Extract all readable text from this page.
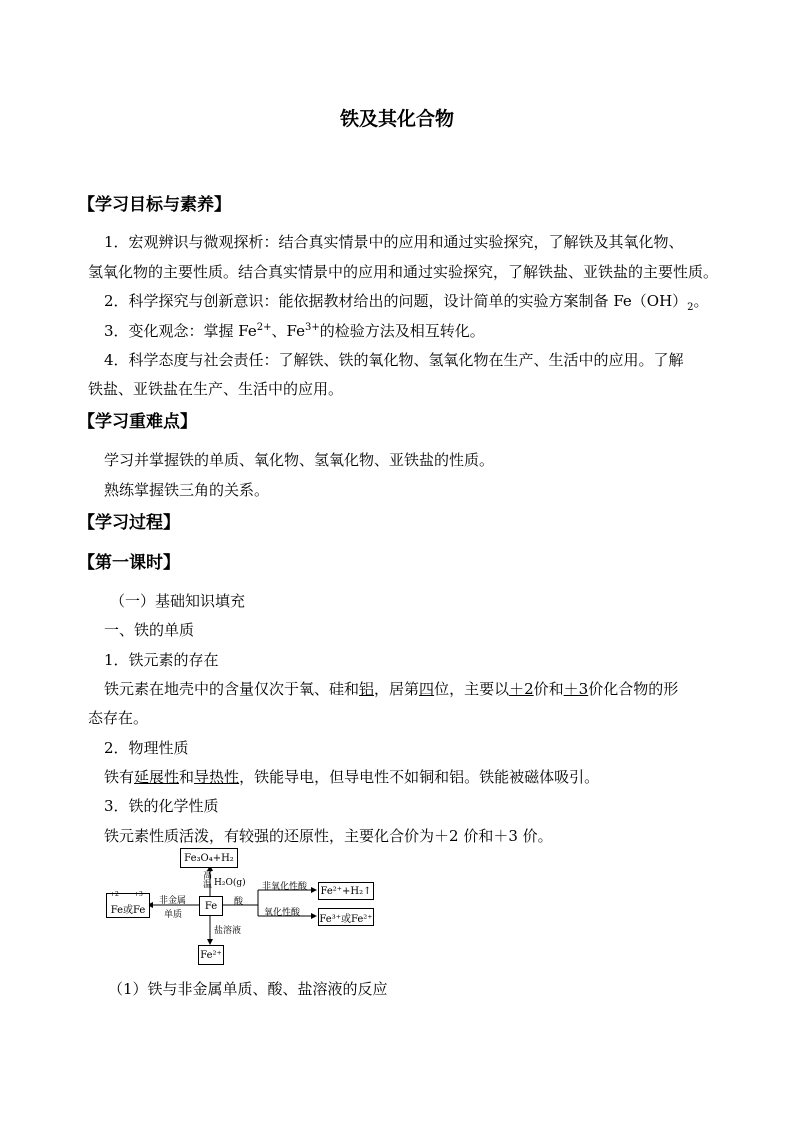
铁及其化合物
【学习目标与素养】
1．宏观辨识与微观探析：结合真实情景中的应用和通过实验探究，了解铁及其氧化物、
氢氧化物的主要性质。结合真实情景中的应用和通过实验探究，了解铁盐、亚铁盐的主要性质。
2．科学探究与创新意识：能依据教材给出的问题，设计简单的实验方案制备 $Fe(OH)_2$。
3．变化观念：掌握 $Fe^{2+}$、$Fe^{3+}$的检验方法及相互转化。
4．科学态度与社会责任：了解铁、铁的氧化物、氢氧化物在生产、生活中的应用。了解
铁盐、亚铁盐在生产、生活中的应用。
【学习重难点】
学习并掌握铁的单质、氧化物、氢氧化物、亚铁盐的性质。
熟练掌握铁三角的关系。
【学习过程】
【第一课时】
（一）基础知识填充
一、铁的单质
1．铁元素的存在
铁元素在地壳中的含量仅次于氧、硅和铝，居第四位，主要以＋2价和＋3价化合物的形
态存在。
2．物理性质
铁有延展性和导热性，铁能导电，但导电性不如铜和铝。铁能被磁体吸引。
3．铁的化学性质
铁元素性质活泼，有较强的还原性，主要化合价为＋2 价和＋3 价。
Fe₃O₄+H₂
高温 H₂O(g)
Fe
Fe或Fe
+2	+3
非金属
单质
酸
非氧化性酸 Fe²⁺+H₂↑
氧化性酸
Fe³⁺或Fe²⁺
盐溶液
Fe²⁺
（1）铁与非金属单质、酸、盐溶液的反应
